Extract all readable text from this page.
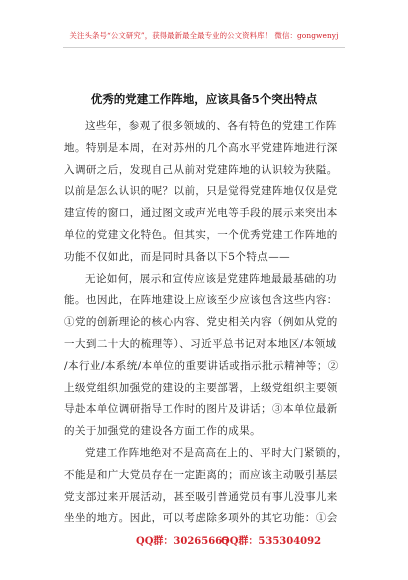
关注头条号“公文研究”，获得最新最全最专业的公文资料库！ 微信：gongwenyj
优秀的党建工作阵地，应该具备5个突出特点

这些年，参观了很多领域的、各有特色的党建工作阵

地。特别是本周，在对苏州的几个高水平党建阵地进行深

入调研之后，发现自己从前对党建阵地的认识较为狭隘。

以前是怎么认识的呢？以前，只是觉得党建阵地仅仅是党

建宣传的窗口，通过图文或声光电等手段的展示来突出本

单位的党建文化特色。但其实，一个优秀党建工作阵地的

功能不仅如此，而是同时具备以下5个特点——

无论如何，展示和宣传应该是党建阵地最最基础的功

能。也因此，在阵地建设上应该至少应该包含这些内容：

①党的创新理论的核心内容、党史相关内容（例如从党的

一大到二十大的梳理等）、习近平总书记对本地区/本领域

/本行业/本系统/本单位的重要讲话或指示批示精神等；②

上级党组织加强党的建设的主要部署，上级党组织主要领

导赴本单位调研指导工作时的图片及讲话；③本单位最新

的关于加强党的建设各方面工作的成果。

党建工作阵地绝对不是高高在上的、平时大门紧锁的，

不能是和广大党员存在一定距离的；而应该主动吸引基层

党支部过来开展活动，甚至吸引普通党员有事儿没事儿来

坐坐的地方。因此，可以考虑除多项外的其它功能：①会

QQ群：30265665
QQ群：535304092
